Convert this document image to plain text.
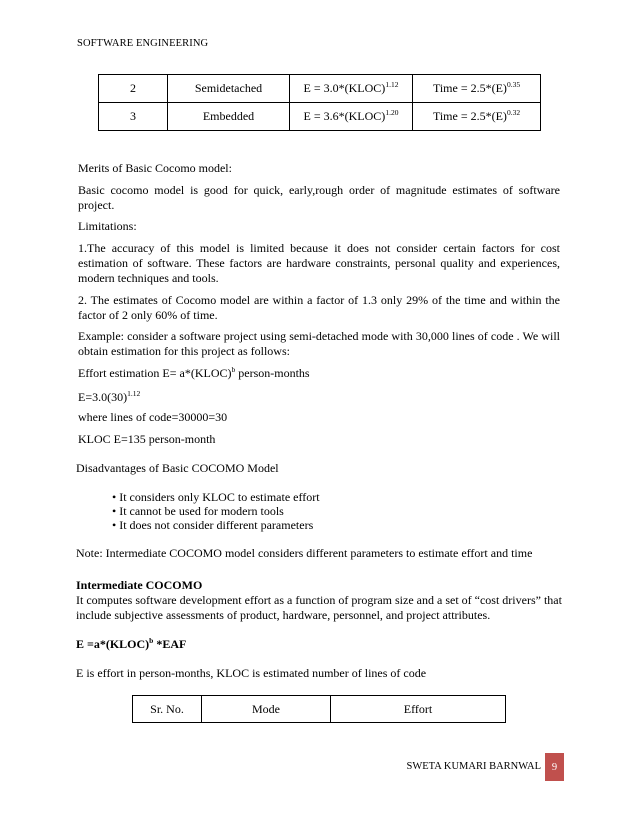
SOFTWARE ENGINEERING
2	Semidetached	E = 3.0*(KLOC)$^{1.12}$	Time = $2.5*(E)^{0.35}$
3	Embedded	E = 3.6*(KLOC)$^{1.20}$	Time = $2.5*(E)^{0.32}$
Merits of Basic Cocomo model:
Basic cocomo model is good for quick, early,rough order of magnitude estimates of software project.
Limitations:
1.The accuracy of this model is limited because it does not consider certain factors for cost estimation of software. These factors are hardware constraints, personal quality and experiences, modern techniques and tools.
2. The estimates of Cocomo model are within a factor of 1.3 only 29% of the time and within the factor of 2 only 60% of time.
Example: consider a software project using semi-detached mode with 30,000 lines of code . We will obtain estimation for this project as follows:
Effort estimation E= a*(KLOC)$^b$ person-months
$E=3.0(30)^{1.12}$
where lines of code=30000=30
KLOC E=135 person-month
Disadvantages of Basic COCOMO Model
• It considers only KLOC to estimate effort
• It cannot be used for modern tools
• It does not consider different parameters
Note: Intermediate COCOMO model considers different parameters to estimate effort and time
Intermediate COCOMO
It computes software development effort as a function of program size and a set of “cost drivers” that include subjective assessments of product, hardware, personnel, and project attributes.
E =a*(KLOC)$^b$ *EAF
E is effort in person-months, KLOC is estimated number of lines of code
Sr. No.	Mode	Effort
SWETA KUMARI BARNWAL	9
